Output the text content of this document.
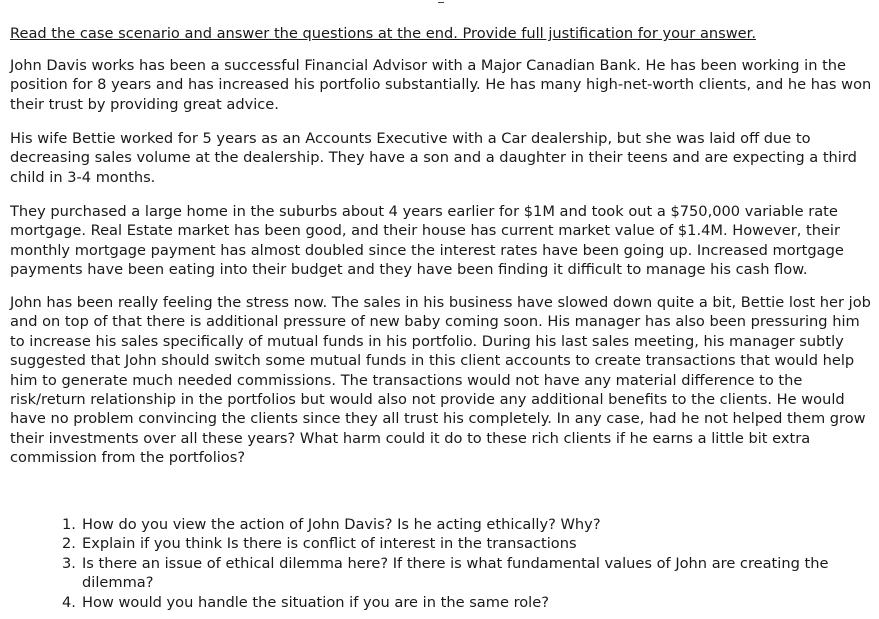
Read the case scenario and answer the questions at the end. Provide full justification for your answer.

John Davis works has been a successful Financial Advisor with a Major Canadian Bank. He has been working in the position for 8 years and has increased his portfolio substantially. He has many high-net-worth clients, and he has won their trust by providing great advice.

His wife Bettie worked for 5 years as an Accounts Executive with a Car dealership, but she was laid off due to decreasing sales volume at the dealership. They have a son and a daughter in their teens and are expecting a third child in 3-4 months.

They purchased a large home in the suburbs about 4 years earlier for $1M and took out a $750,000 variable rate mortgage. Real Estate market has been good, and their house has current market value of $1.4M. However, their monthly mortgage payment has almost doubled since the interest rates have been going up. Increased mortgage payments have been eating into their budget and they have been finding it difficult to manage his cash flow.

John has been really feeling the stress now. The sales in his business have slowed down quite a bit, Bettie lost her job and on top of that there is additional pressure of new baby coming soon. His manager has also been pressuring him to increase his sales specifically of mutual funds in his portfolio. During his last sales meeting, his manager subtly suggested that John should switch some mutual funds in this client accounts to create transactions that would help him to generate much needed commissions. The transactions would not have any material difference to the risk/return relationship in the portfolios but would also not provide any additional benefits to the clients. He would have no problem convincing the clients since they all trust his completely. In any case, had he not helped them grow their investments over all these years? What harm could it do to these rich clients if he earns a little bit extra commission from the portfolios?

1. How do you view the action of John Davis? Is he acting ethically? Why?
2. Explain if you think Is there is conflict of interest in the transactions
3. Is there an issue of ethical dilemma here? If there is what fundamental values of John are creating the dilemma?
4. How would you handle the situation if you are in the same role?
